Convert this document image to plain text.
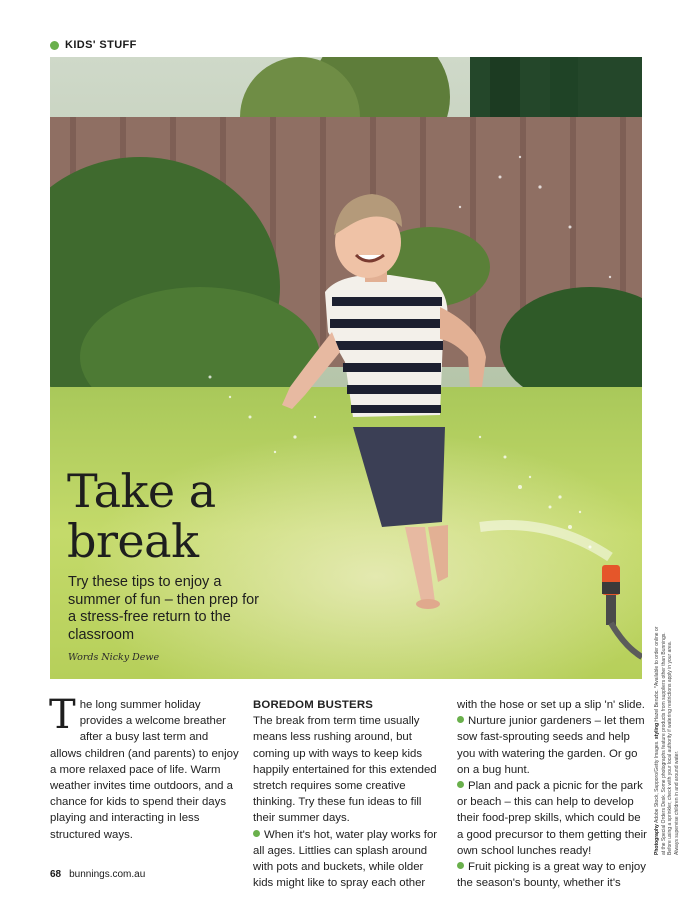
KIDS' STUFF
Take a
break

Try these tips to enjoy a summer of fun – then prep for a stress-free return to the classroom

Words Nicky Dewe

The long summer holiday provides a welcome breather after a busy last term and allows children (and parents) to enjoy a more relaxed pace of life. Warm weather invites time outdoors, and a chance for kids to spend their days playing and interacting in less structured ways.

BOREDOM BUSTERS

The break from term time usually means less rushing around, but coming up with ways to keep kids happily entertained for this extended stretch requires some creative thinking. Try these fun ideas to fill their summer days.

When it's hot, water play works for all ages. Littlies can splash around with pots and buckets, while older kids might like to spray each other

with the hose or set up a slip 'n' slide.

Nurture junior gardeners – let them sow fast-sprouting seeds and help you with watering the garden. Or go on a bug hunt.

Plan and pack a picnic for the park or beach – this can help to develop their food-prep skills, which could be a good precursor to them getting their own school lunches ready!

Fruit picking is a great way to enjoy the season's bounty, whether it's

68 bunnings.com.au
Photography Adobe Stock, Sapporo/Getty Images. styling Hazel Benzbc. *Available to order online or at the Special Orders Desk. Some photographs feature products from suppliers other than Bunnings. Before using a sprinkler, check with your local authority if watering restrictions apply in your area. Always supervise children in and around water.
